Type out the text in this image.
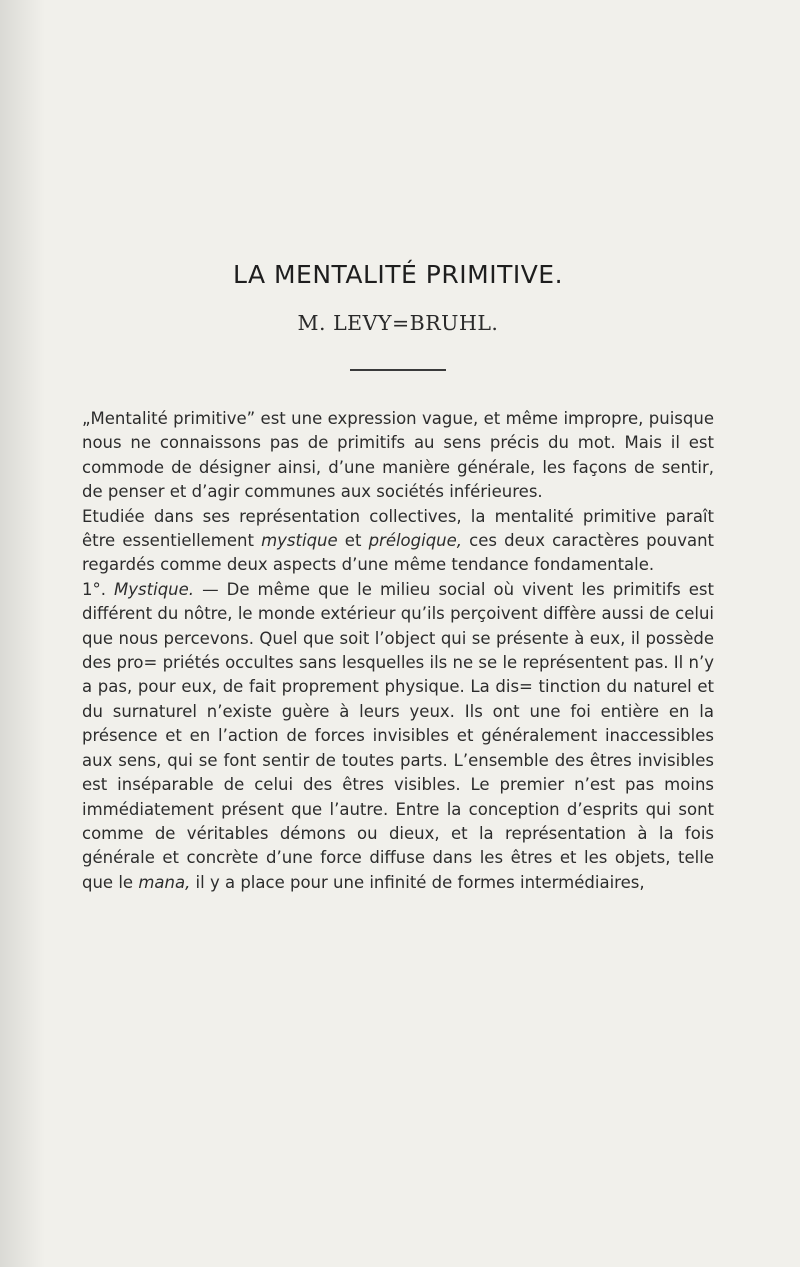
LA MENTALITÉ PRIMITIVE.
M. LEVY=BRUHL.

„Mentalité primitive” est une expression vague, et même impropre, puisque nous ne connaissons pas de primitifs au sens précis du mot. Mais il est commode de désigner ainsi, d’une manière générale, les façons de sentir, de penser et d’agir communes aux sociétés inférieures.

Etudiée dans ses représentation collectives, la mentalité primitive paraît être essentiellement mystique et prélogique, ces deux caractères pouvant regardés comme deux aspects d’une même tendance fondamentale.

1°. Mystique. — De même que le milieu social où vivent les primitifs est différent du nôtre, le monde extérieur qu’ils perçoivent diffère aussi de celui que nous percevons. Quel que soit l’object qui se présente à eux, il possède des pro= priétés occultes sans lesquelles ils ne se le représentent pas. Il n’y a pas, pour eux, de fait proprement physique. La dis= tinction du naturel et du surnaturel n’existe guère à leurs yeux. Ils ont une foi entière en la présence et en l’action de forces invisibles et généralement inaccessibles aux sens, qui se font sentir de toutes parts. L’ensemble des êtres invisibles est inséparable de celui des êtres visibles. Le premier n’est pas moins immédiatement présent que l’autre. Entre la conception d’esprits qui sont comme de véritables démons ou dieux, et la représentation à la fois générale et concrète d’une force diffuse dans les êtres et les objets, telle que le mana, il y a place pour une infinité de formes intermédiaires,
